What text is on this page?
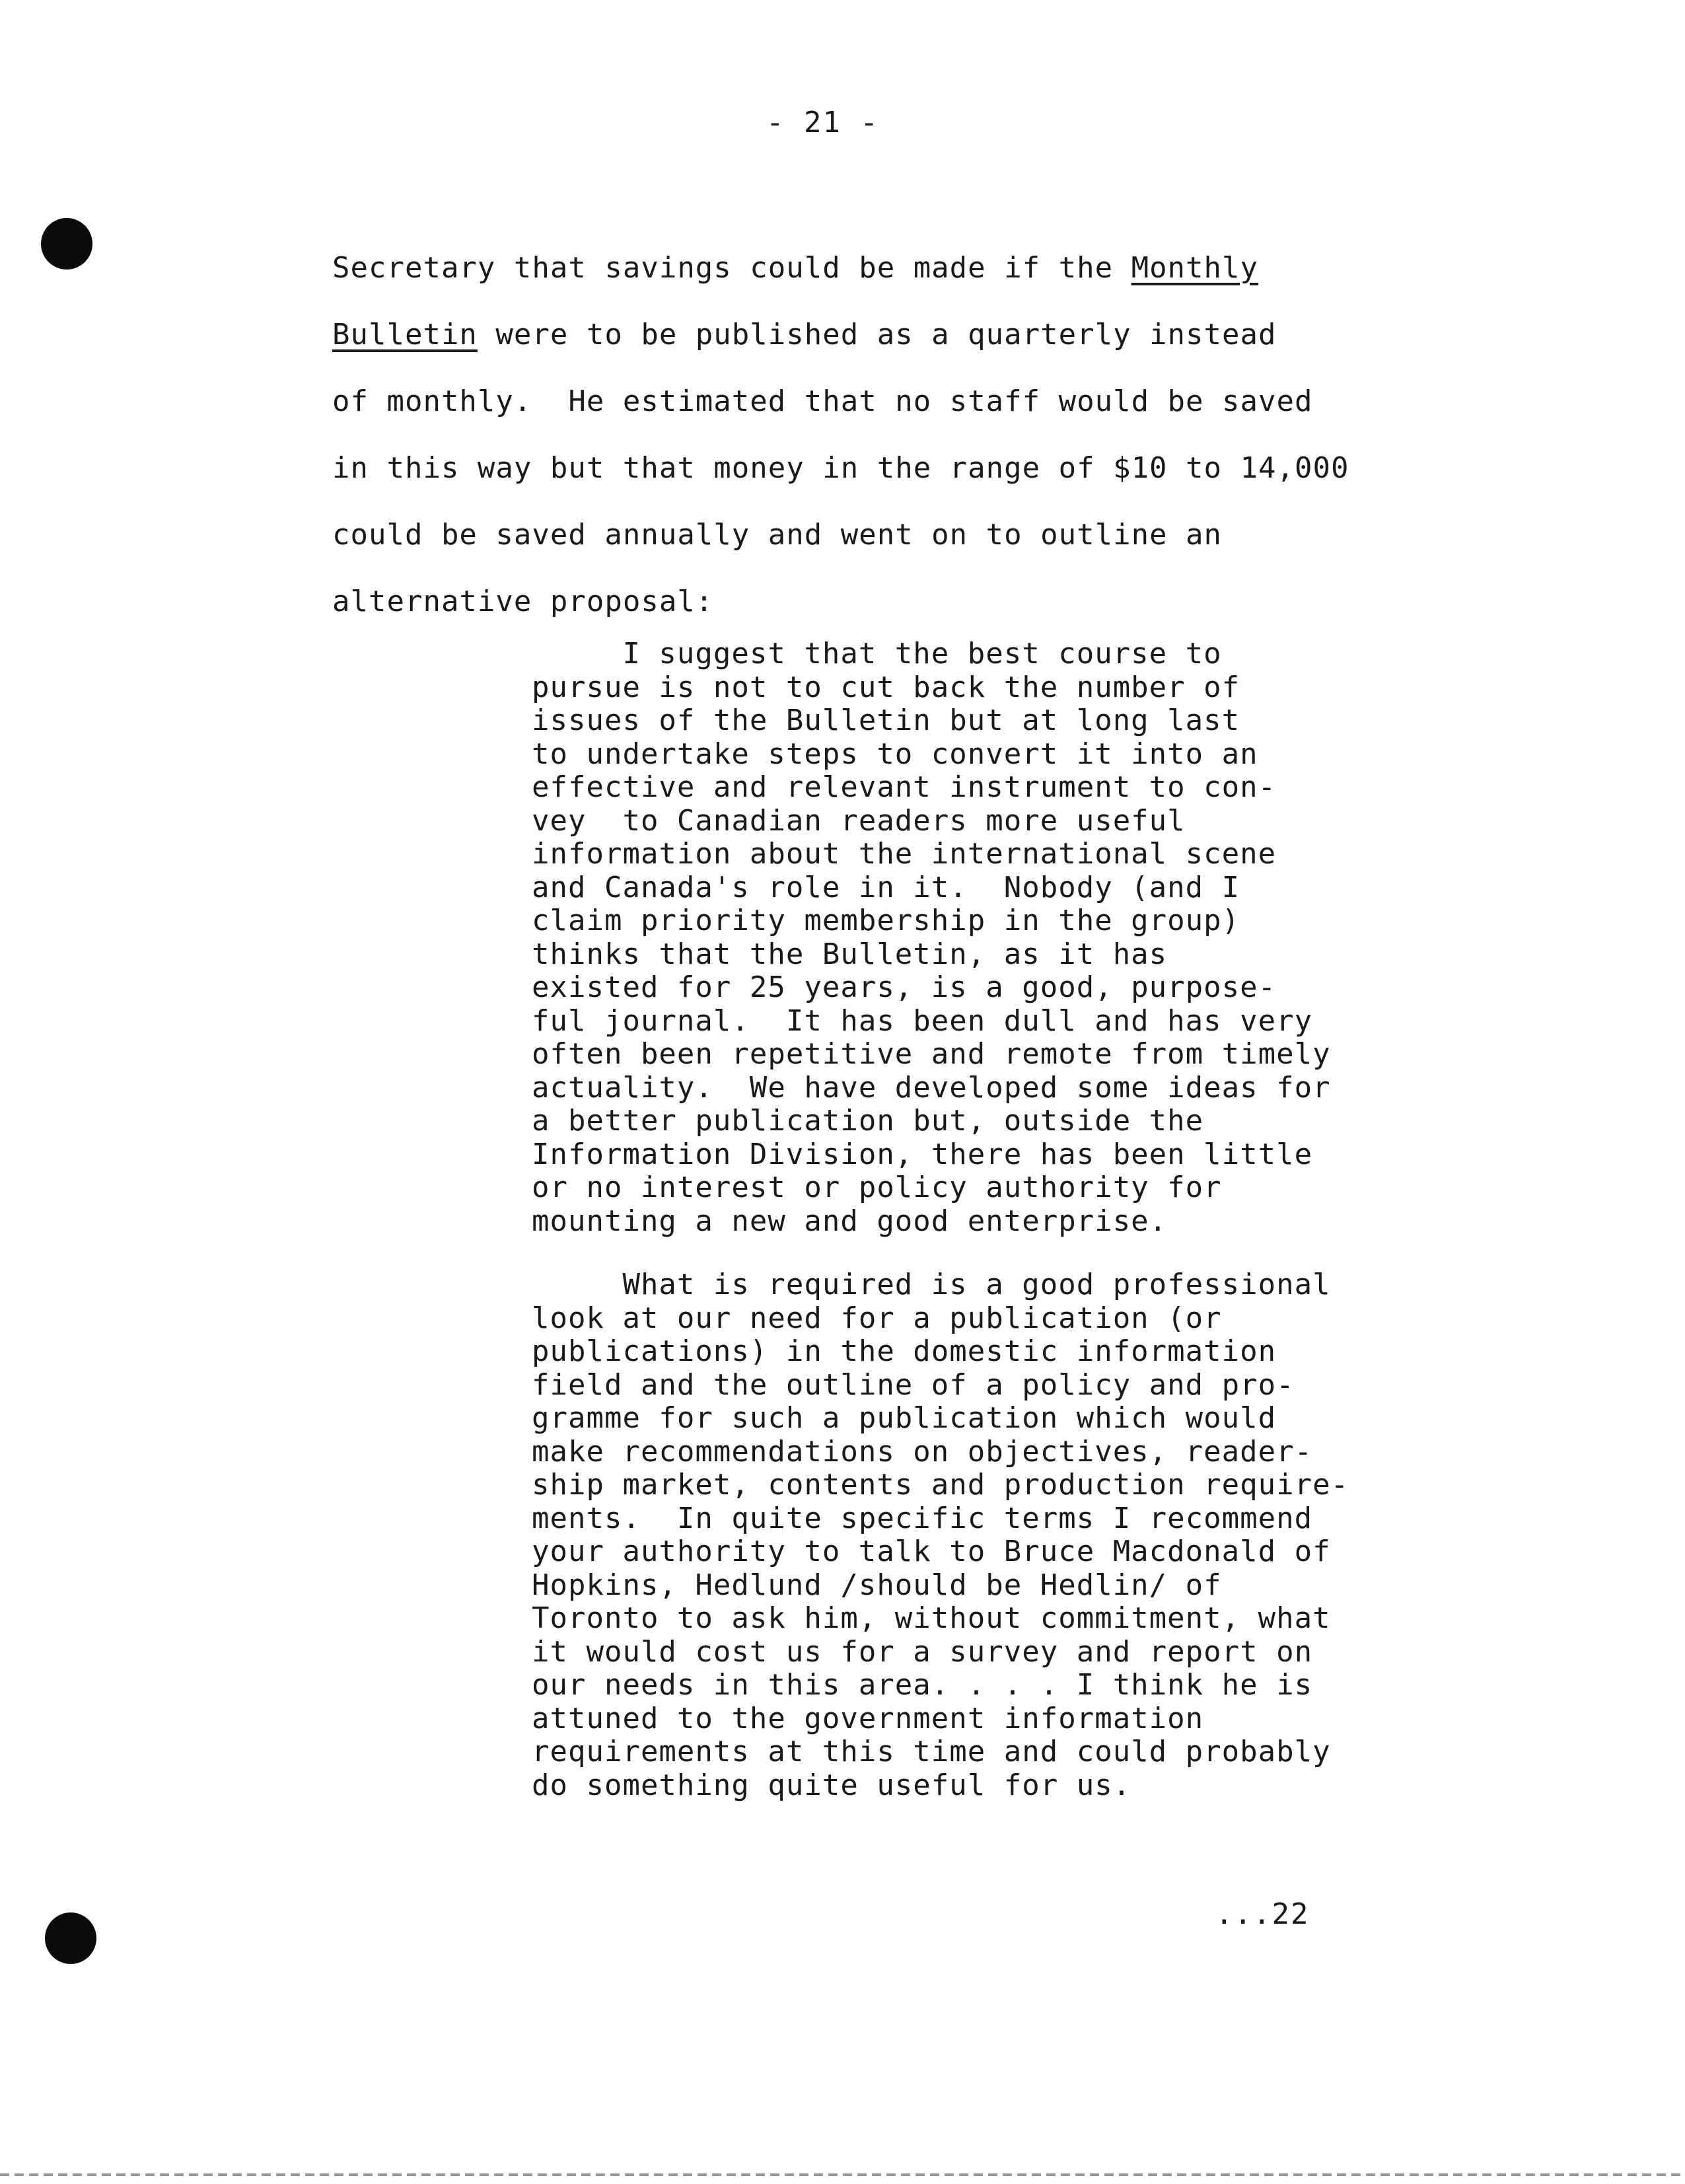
- 21 -
Secretary that savings could be made if the Monthly
Bulletin were to be published as a quarterly instead
of monthly.  He estimated that no staff would be saved
in this way but that money in the range of $10 to 14,000
could be saved annually and went on to outline an
alternative proposal:
I suggest that the best course to
pursue is not to cut back the number of
issues of the Bulletin but at long last
to undertake steps to convert it into an
effective and relevant instrument to con-
vey  to Canadian readers more useful
information about the international scene
and Canada's role in it.  Nobody (and I
claim priority membership in the group)
thinks that the Bulletin, as it has
existed for 25 years, is a good, purpose-
ful journal.  It has been dull and has very
often been repetitive and remote from timely
actuality.  We have developed some ideas for
a better publication but, outside the
Information Division, there has been little
or no interest or policy authority for
mounting a new and good enterprise.
What is required is a good professional
look at our need for a publication (or
publications) in the domestic information
field and the outline of a policy and pro-
gramme for such a publication which would
make recommendations on objectives, reader-
ship market, contents and production require-
ments.  In quite specific terms I recommend
your authority to talk to Bruce Macdonald of
Hopkins, Hedlund /should be Hedlin/ of
Toronto to ask him, without commitment, what
it would cost us for a survey and report on
our needs in this area. . . . I think he is
attuned to the government information
requirements at this time and could probably
do something quite useful for us.
...22
